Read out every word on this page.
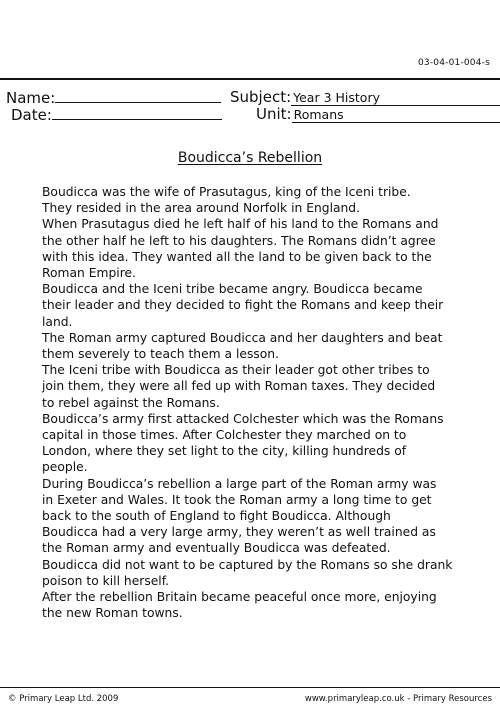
03-04-01-004-s
Name:
Date:
Subject: Year 3 History
Unit: Romans
Boudicca’s Rebellion
Boudicca was the wife of Prasutagus, king of the Iceni tribe.
They resided in the area around Norfolk in England.
When Prasutagus died he left half of his land to the Romans and
the other half he left to his daughters. The Romans didn’t agree
with this idea. They wanted all the land to be given back to the
Roman Empire.
Boudicca and the Iceni tribe became angry. Boudicca became
their leader and they decided to fight the Romans and keep their
land.
The Roman army captured Boudicca and her daughters and beat
them severely to teach them a lesson.
The Iceni tribe with Boudicca as their leader got other tribes to
join them, they were all fed up with Roman taxes. They decided
to rebel against the Romans.
Boudicca’s army first attacked Colchester which was the Romans
capital in those times. After Colchester they marched on to
London, where they set light to the city, killing hundreds of
people.
During Boudicca’s rebellion a large part of the Roman army was
in Exeter and Wales. It took the Roman army a long time to get
back to the south of England to fight Boudicca. Although
Boudicca had a very large army, they weren’t as well trained as
the Roman army and eventually Boudicca was defeated.
Boudicca did not want to be captured by the Romans so she drank
poison to kill herself.
After the rebellion Britain became peaceful once more, enjoying
the new Roman towns.
© Primary Leap Ltd. 2009	www.primaryleap.co.uk - Primary Resources
